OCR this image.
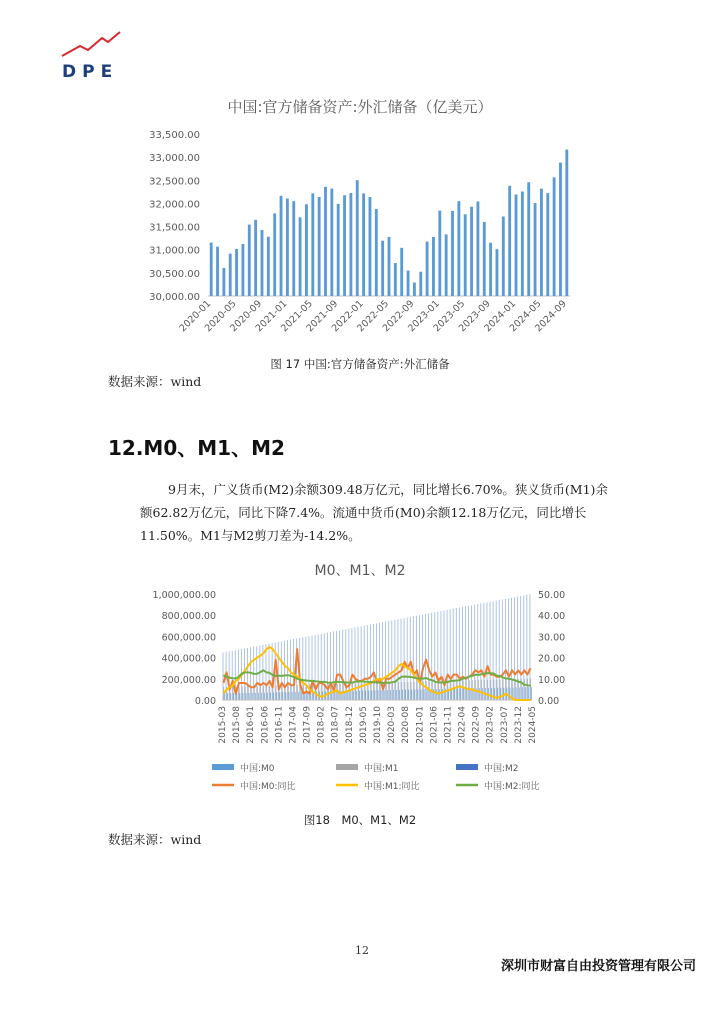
DPE
中国:官方储备资产:外汇储备（亿美元）
33,500.00
33,000.00
32,500.00
32,000.00
31,500.00
31,000.00
30,500.00
30,000.00
2020-01
2020-05
2020-09
2021-01
2021-05
2021-09
2022-01
2022-05
2022-09
2023-01
2023-05
2023-09
2024-01
2024-05
2024-09
图 17 中国:官方储备资产:外汇储备
数据来源：wind
12.M0、M1、M2
9月末，广义货币(M2)余额309.48万亿元，同比增长6.70%。狭义货币(M1)余额62.82万亿元，同比下降7.4%。流通中货币(M0)余额12.18万亿元，同比增长11.50%。M1与M2剪刀差为-14.2%。
M0、M1、M2
1,000,000.00
800,000.00
600,000.00
400,000.00
200,000.00
0.00
50.00
40.00
30.00
20.00
10.00
0.00
2015-03 2015-08 2016-01 2016-06 2016-11 2017-04 2017-09 2018-02 2018-07 2018-12 2019-05 2019-10 2020-03 2020-08 2021-01 2021-06 2021-11 2022-04 2022-09 2023-02 2023-07 2023-12 2024-05
中国:M0	中国:M1	中国:M2
中国:M0:同比	中国:M1:同比	中国:M2:同比
图18　M0、M1、M2
数据来源：wind
12
深圳市财富自由投资管理有限公司
